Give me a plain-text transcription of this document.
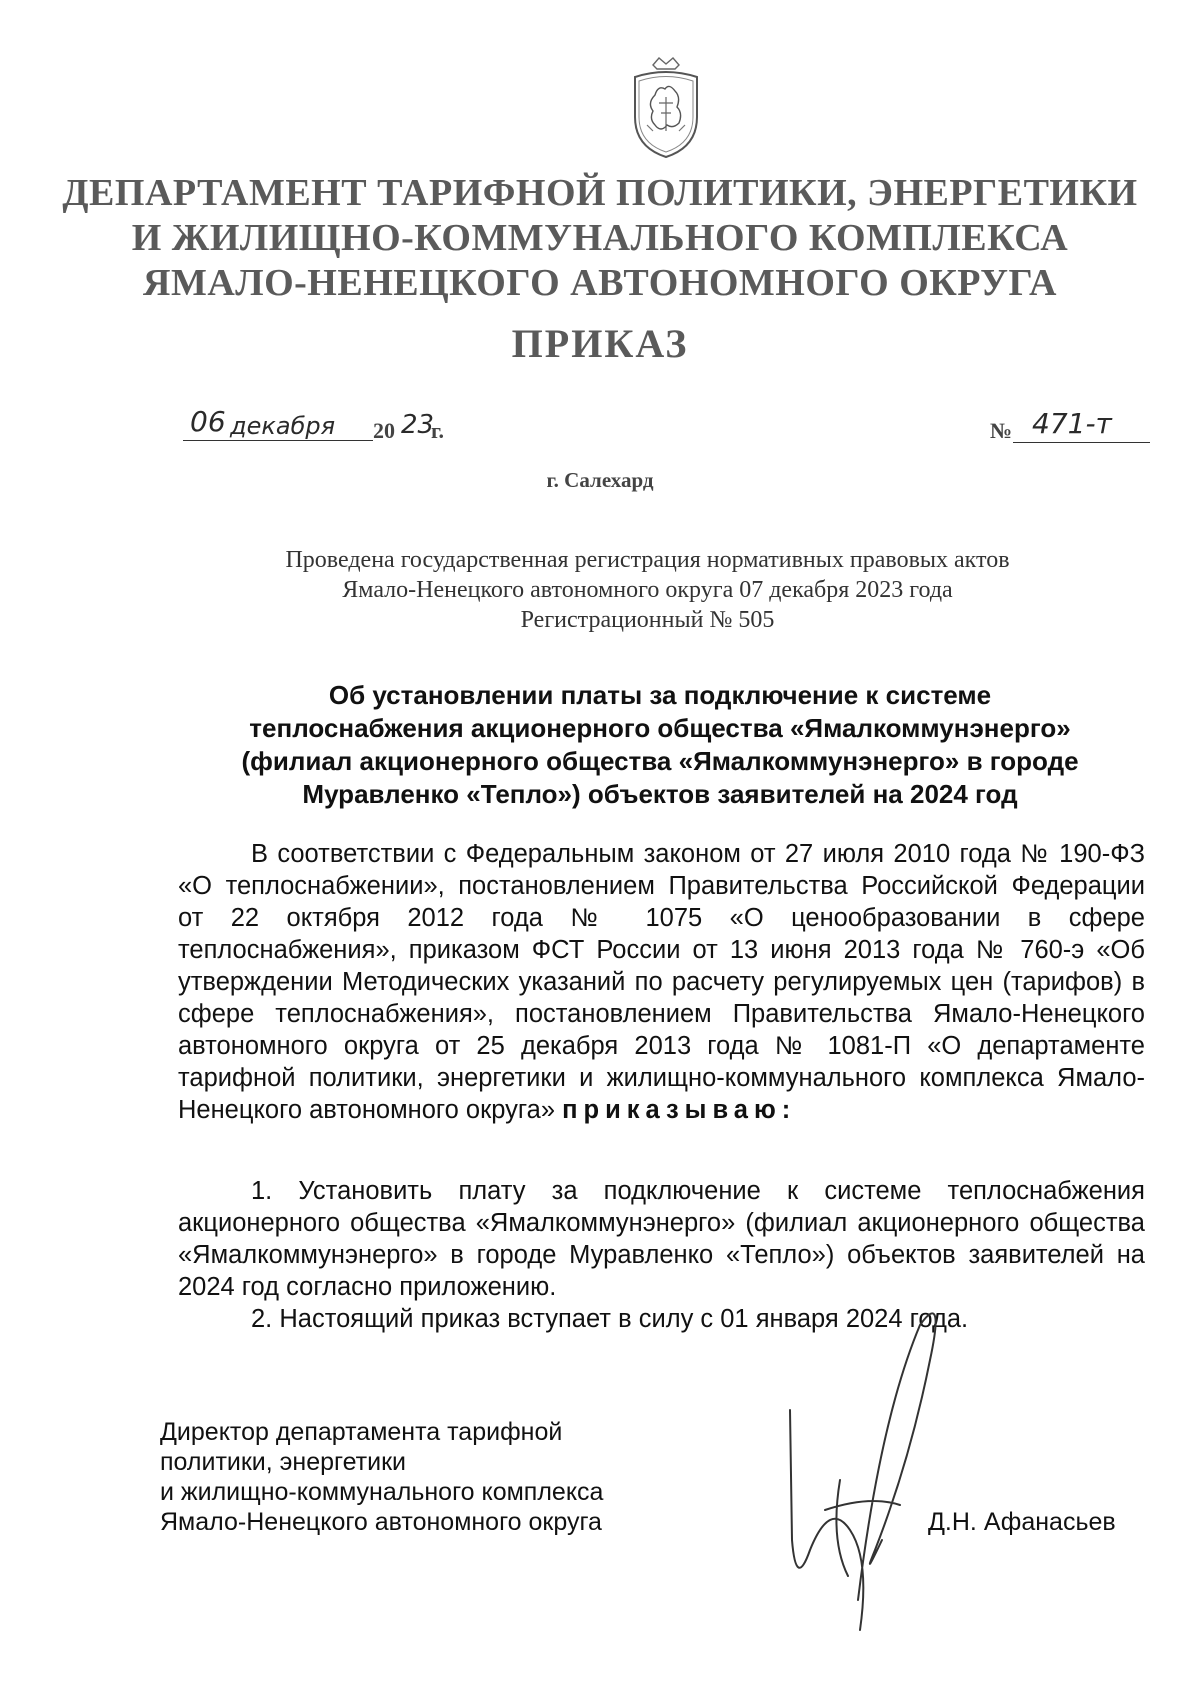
ДЕПАРТАМЕНТ ТАРИФНОЙ ПОЛИТИКИ, ЭНЕРГЕТИКИ
И ЖИЛИЩНО-КОММУНАЛЬНОГО КОМПЛЕКСА
ЯМАЛО-НЕНЕЦКОГО АВТОНОМНОГО ОКРУГА
ПРИКАЗ
06 декабря 20 23
г.	№ 471-т
г. Салехард
Проведена государственная регистрация нормативных правовых актов
Ямало-Ненецкого автономного округа 07 декабря 2023 года
Регистрационный № 505
Об установлении платы за подключение к системе
теплоснабжения акционерного общества «Ямалкоммунэнерго»
(филиал акционерного общества «Ямалкоммунэнерго» в городе
Муравленко «Тепло») объектов заявителей на 2024 год
В соответствии с Федеральным законом от 27 июля 2010 года № 190-ФЗ «О теплоснабжении», постановлением Правительства Российской Федерации от 22 октября 2012 года № 1075 «О ценообразовании в сфере теплоснабжения», приказом ФСТ России от 13 июня 2013 года № 760-э «Об утверждении Методических указаний по расчету регулируемых цен (тарифов) в сфере теплоснабжения», постановлением Правительства Ямало-Ненецкого автономного округа от 25 декабря 2013 года № 1081-П «О департаменте тарифной политики, энергетики и жилищно-коммунального комплекса Ямало-Ненецкого автономного округа» приказываю:
1. Установить плату за подключение к системе теплоснабжения акционерного общества «Ямалкоммунэнерго» (филиал акционерного общества «Ямалкоммунэнерго» в городе Муравленко «Тепло») объектов заявителей на 2024 год согласно приложению.
2. Настоящий приказ вступает в силу с 01 января 2024 года.
Директор департамента тарифной
политики, энергетики
и жилищно-коммунального комплекса
Ямало-Ненецкого автономного округа	Д.Н. Афанасьев
